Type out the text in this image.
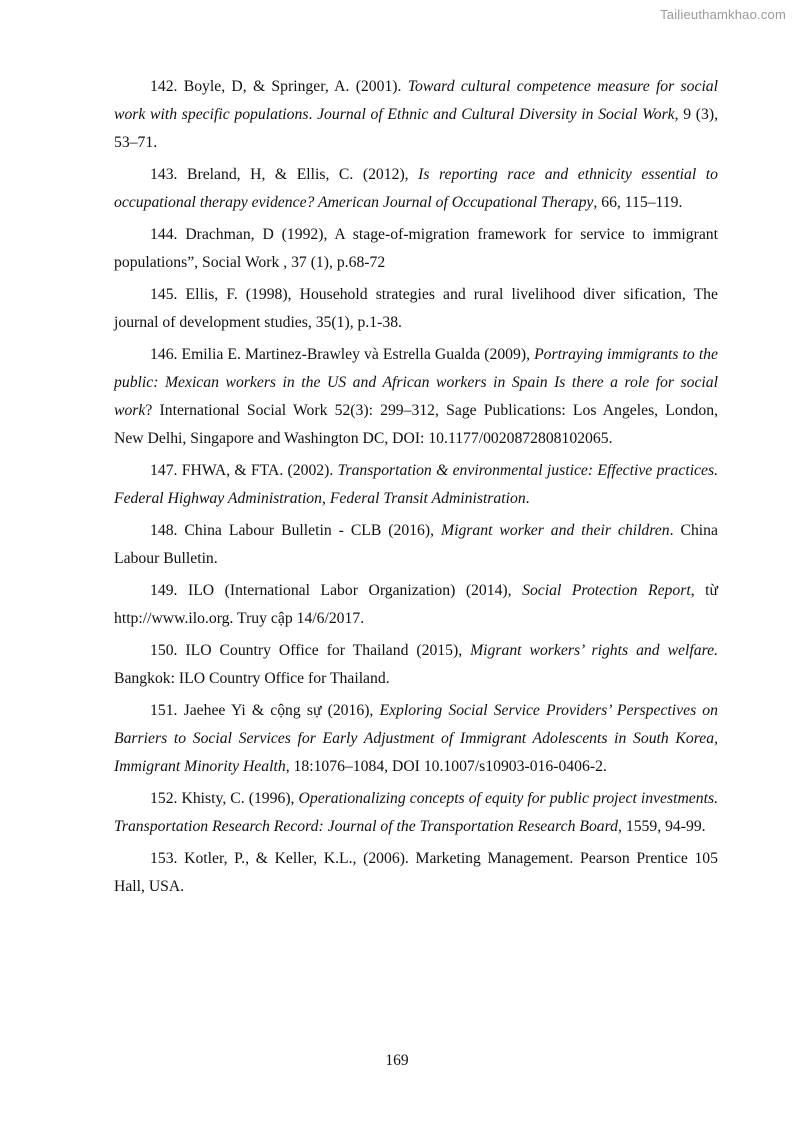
Tailieuthamkhao.com

142. Boyle, D, & Springer, A. (2001). Toward cultural competence measure for social work with specific populations. Journal of Ethnic and Cultural Diversity in Social Work, 9 (3), 53–71.

143. Breland, H, & Ellis, C. (2012), Is reporting race and ethnicity essential to occupational therapy evidence? American Journal of Occupational Therapy, 66, 115–119.

144. Drachman, D (1992), A stage-of-migration framework for service to immigrant populations”, Social Work , 37 (1), p.68-72

145. Ellis, F. (1998), Household strategies and rural livelihood diver sification, The journal of development studies, 35(1), p.1-38.

146. Emilia E. Martinez-Brawley và Estrella Gualda (2009), Portraying immigrants to the public: Mexican workers in the US and African workers in Spain Is there a role for social work? International Social Work 52(3): 299–312, Sage Publications: Los Angeles, London, New Delhi, Singapore and Washington DC, DOI: 10.1177/0020872808102065.

147. FHWA, & FTA. (2002). Transportation & environmental justice: Effective practices. Federal Highway Administration, Federal Transit Administration.

148. China Labour Bulletin - CLB (2016), Migrant worker and their children. China Labour Bulletin.

149. ILO (International Labor Organization) (2014), Social Protection Report, từ http://www.ilo.org. Truy cập 14/6/2017.

150. ILO Country Office for Thailand (2015), Migrant workers’ rights and welfare. Bangkok: ILO Country Office for Thailand.

151. Jaehee Yi & cộng sự (2016), Exploring Social Service Providers’ Perspectives on Barriers to Social Services for Early Adjustment of Immigrant Adolescents in South Korea, Immigrant Minority Health, 18:1076–1084, DOI 10.1007/s10903-016-0406-2.

152. Khisty, C. (1996), Operationalizing concepts of equity for public project investments. Transportation Research Record: Journal of the Transportation Research Board, 1559, 94-99.

153. Kotler, P., & Keller, K.L., (2006). Marketing Management. Pearson Prentice 105 Hall, USA.

169
